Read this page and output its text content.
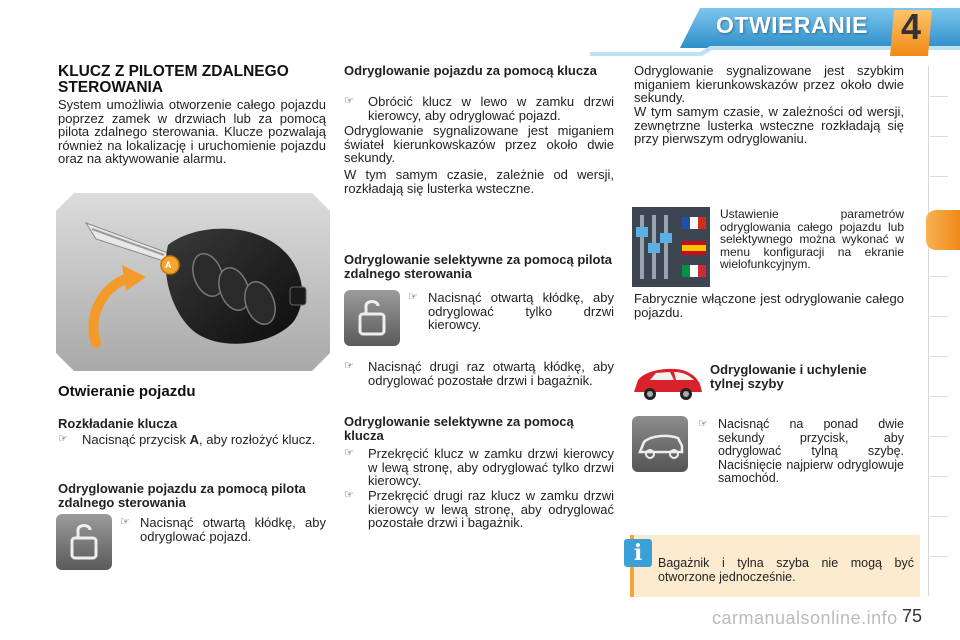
OTWIERANIE 4
KLUCZ Z PILOTEM ZDALNEGO STEROWANIA
System umożliwia otworzenie całego pojazdu poprzez zamek w drzwiach lub za pomocą pilota zdalnego sterowania. Klucze pozwalają również na lokalizację i uruchomienie pojazdu oraz na aktywowanie alarmu.
A
Otwieranie pojazdu
Rozkładanie klucza
☞	Nacisnąć przycisk A, aby rozłożyć klucz.
Odryglowanie pojazdu za pomocą pilota zdalnego sterowania
☞ Nacisnąć otwartą kłódkę, aby odryglować pojazd.
Odryglowanie pojazdu za pomocą klucza
☞	Obrócić klucz w lewo w zamku drzwi kierowcy, aby odryglować pojazd.
Odryglowanie sygnalizowane jest miganiem świateł kierunkowskazów przez około dwie sekundy.
W tym samym czasie, zależnie od wersji, rozkładają się lusterka wsteczne.
Odryglowanie selektywne za pomocą pilota zdalnego sterowania
☞ Nacisnąć otwartą kłódkę, aby odryglować tylko drzwi kierowcy.
☞	Nacisnąć drugi raz otwartą kłódkę, aby odryglować pozostałe drzwi i bagażnik.
Odryglowanie selektywne za pomocą klucza
☞	Przekręcić klucz w zamku drzwi kierowcy w lewą stronę, aby odryglować tylko drzwi kierowcy.
☞	Przekręcić drugi raz klucz w zamku drzwi kierowcy w lewą stronę, aby odryglować pozostałe drzwi i bagażnik.
Odryglowanie sygnalizowane jest szybkim miganiem kierunkowskazów przez około dwie sekundy.
W tym samym czasie, w zależności od wersji, zewnętrzne lusterka wsteczne rozkładają się przy pierwszym odryglowaniu.
Ustawienie parametrów odryglowania całego pojazdu lub selektywnego można wykonać w menu konfiguracji na ekranie wielofunkcyjnym.
Fabrycznie włączone jest odryglowanie całego pojazdu.
Odryglowanie i uchylenie tylnej szyby
☞ Nacisnąć na ponad dwie sekundy przycisk, aby odryglować tylną szybę. Naciśnięcie najpierw odryglowuje samochód.
Bagażnik i tylna szyba nie mogą być otworzone jednocześnie.
i
carmanualsonline.info 75
